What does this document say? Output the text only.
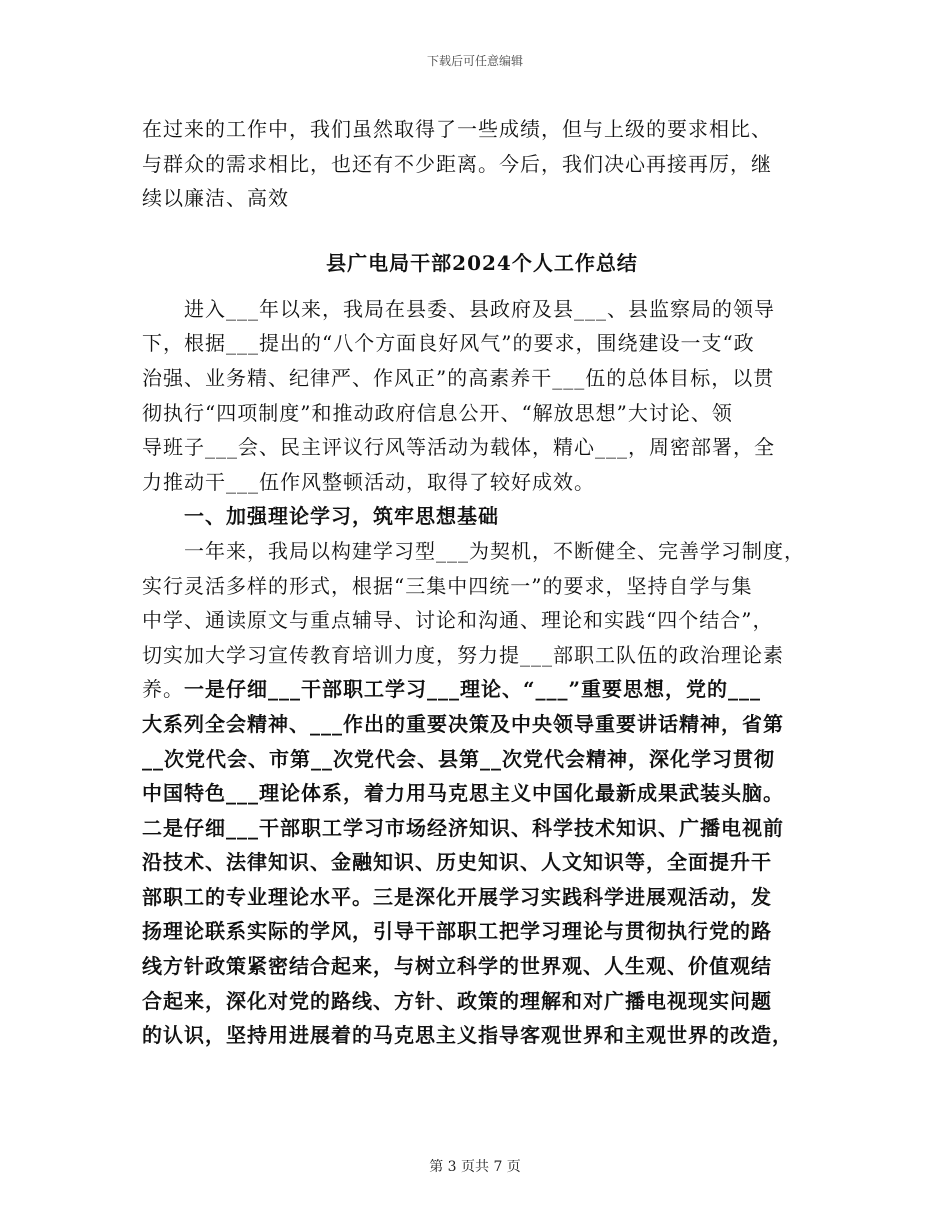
下载后可任意编辑
在过来的工作中，我们虽然取得了一些成绩，但与上级的要求相比、
与群众的需求相比，也还有不少距离。今后，我们决心再接再厉，继
续以廉洁、高效
县广电局干部2024个人工作总结
进入___年以来，我局在县委、县政府及县___、县监察局的领导
下，根据___提出的“八个方面良好风气”的要求，围绕建设一支“政
治强、业务精、纪律严、作风正”的高素养干___伍的总体目标，以贯
彻执行“四项制度”和推动政府信息公开、“解放思想”大讨论、领
导班子___会、民主评议行风等活动为载体，精心___，周密部署，全
力推动干___伍作风整顿活动，取得了较好成效。
一、加强理论学习，筑牢思想基础
一年来，我局以构建学习型___为契机，不断健全、完善学习制度，
实行灵活多样的形式，根据“三集中四统一”的要求，坚持自学与集
中学、通读原文与重点辅导、讨论和沟通、理论和实践“四个结合”，
切实加大学习宣传教育培训力度，努力提___部职工队伍的政治理论素
养。一是仔细___干部职工学习___理论、“___”重要思想，党的___
大系列全会精神、___作出的重要决策及中央领导重要讲话精神，省第
__次党代会、市第__次党代会、县第__次党代会精神，深化学习贯彻
中国特色___理论体系，着力用马克思主义中国化最新成果武装头脑。
二是仔细___干部职工学习市场经济知识、科学技术知识、广播电视前
沿技术、法律知识、金融知识、历史知识、人文知识等，全面提升干
部职工的专业理论水平。三是深化开展学习实践科学进展观活动，发
扬理论联系实际的学风，引导干部职工把学习理论与贯彻执行党的路
线方针政策紧密结合起来，与树立科学的世界观、人生观、价值观结
合起来，深化对党的路线、方针、政策的理解和对广播电视现实问题
的认识，坚持用进展着的马克思主义指导客观世界和主观世界的改造，
第 3 页共 7 页
